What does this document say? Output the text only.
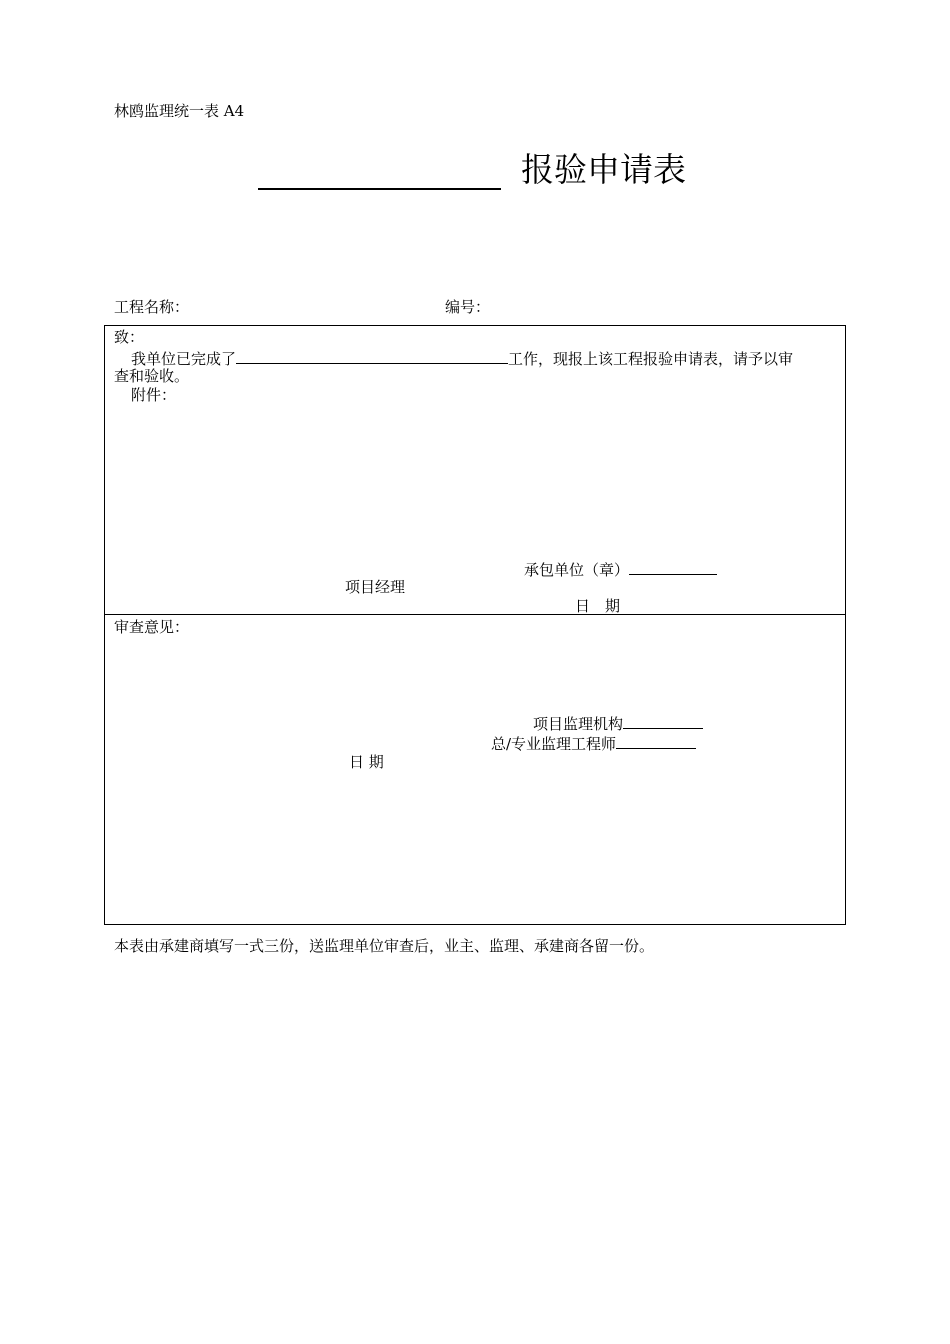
林鸥监理统一表 A4
报验申请表
工程名称：	编号：
致：
我单位已完成了	工作，现报上该工程报验申请表，请予以审
查和验收。
附件：
承包单位（章）
项目经理
日　期
审查意见：
项目监理机构
总/专业监理工程师
日 期
本表由承建商填写一式三份，送监理单位审查后，业主、监理、承建商各留一份。
